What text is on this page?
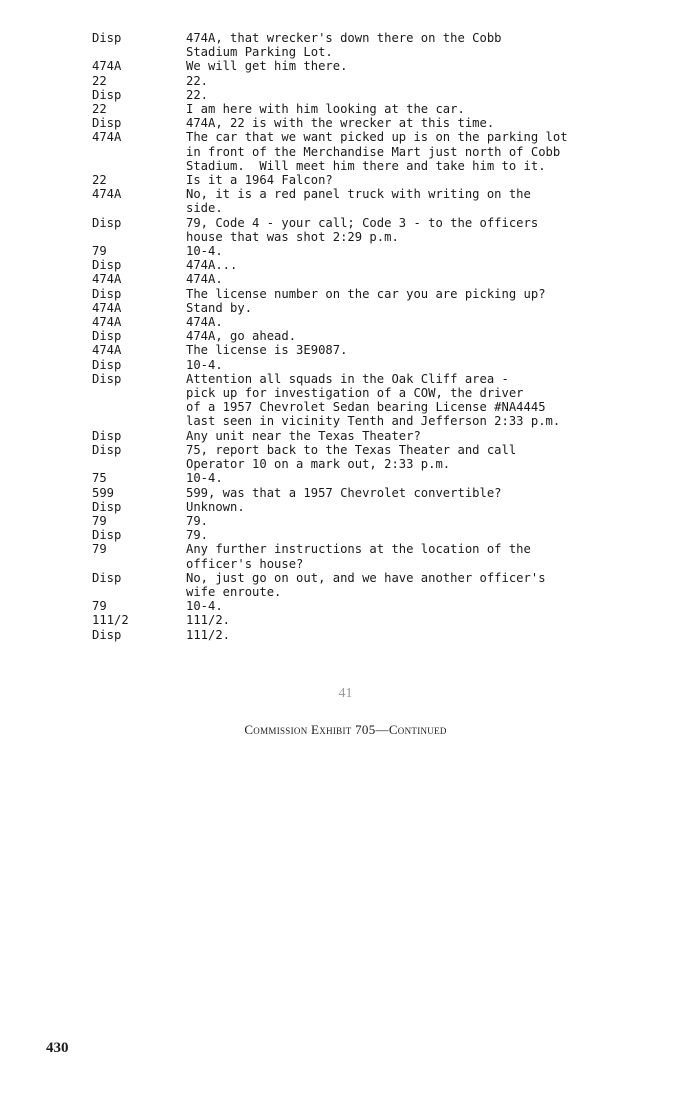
Disp	474A, that wrecker's down there on the Cobb
Stadium Parking Lot.
474A	We will get him there.
22	22.
Disp	22.
22	I am here with him looking at the car.
Disp	474A, 22 is with the wrecker at this time.
474A	The car that we want picked up is on the parking lot
in front of the Merchandise Mart just north of Cobb
Stadium.  Will meet him there and take him to it.
22	Is it a 1964 Falcon?
474A	No, it is a red panel truck with writing on the
side.
Disp	79, Code 4 - your call; Code 3 - to the officers
house that was shot 2:29 p.m.
79	10-4.
Disp	474A...
474A	474A.
Disp	The license number on the car you are picking up?
474A	Stand by.
474A	474A.
Disp	474A, go ahead.
474A	The license is 3E9087.
Disp	10-4.
Disp	Attention all squads in the Oak Cliff area -
pick up for investigation of a COW, the driver
of a 1957 Chevrolet Sedan bearing License #NA4445
last seen in vicinity Tenth and Jefferson 2:33 p.m.
Disp	Any unit near the Texas Theater?
Disp	75, report back to the Texas Theater and call
Operator 10 on a mark out, 2:33 p.m.
75	10-4.
599	599, was that a 1957 Chevrolet convertible?
Disp	Unknown.
79	79.
Disp	79.
79	Any further instructions at the location of the
officer's house?
Disp	No, just go on out, and we have another officer's
wife enroute.
79	10-4.
111/2	111/2.
Disp	111/2.
41
Commission Exhibit 705—Continued
430
